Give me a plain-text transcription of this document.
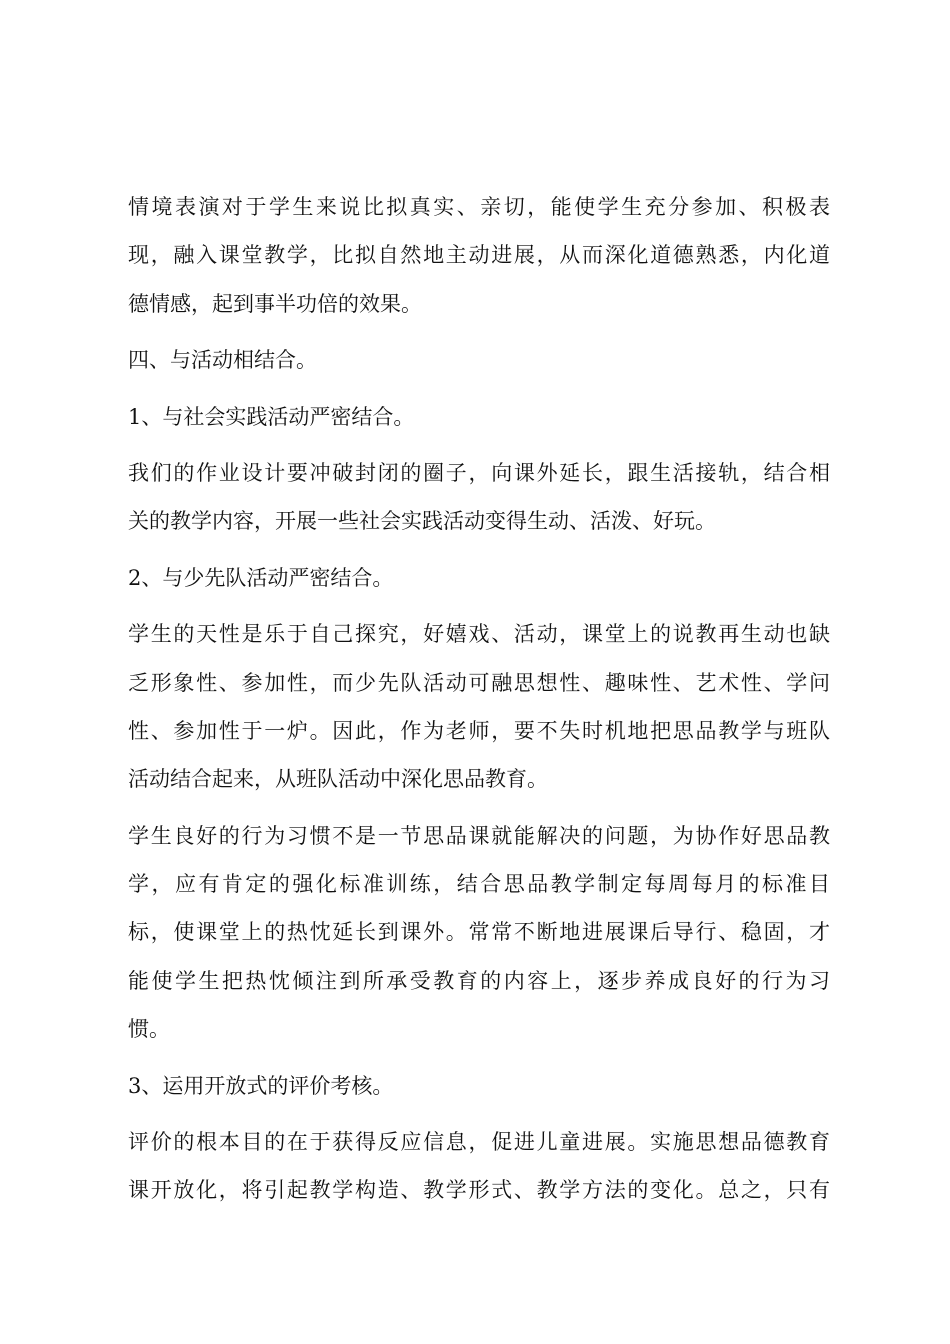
情境表演对于学生来说比拟真实、亲切，能使学生充分参加、积极表
现，融入课堂教学，比拟自然地主动进展，从而深化道德熟悉，内化道
德情感，起到事半功倍的效果。
四、与活动相结合。
1、与社会实践活动严密结合。
我们的作业设计要冲破封闭的圈子，向课外延长，跟生活接轨，结合相
关的教学内容，开展一些社会实践活动变得生动、活泼、好玩。
2、与少先队活动严密结合。
学生的天性是乐于自己探究，好嬉戏、活动，课堂上的说教再生动也缺
乏形象性、参加性，而少先队活动可融思想性、趣味性、艺术性、学问
性、参加性于一炉。因此，作为老师，要不失时机地把思品教学与班队
活动结合起来，从班队活动中深化思品教育。
学生良好的行为习惯不是一节思品课就能解决的问题，为协作好思品教
学，应有肯定的强化标准训练，结合思品教学制定每周每月的标准目
标，使课堂上的热忱延长到课外。常常不断地进展课后导行、稳固，才
能使学生把热忱倾注到所承受教育的内容上，逐步养成良好的行为习
惯。
3、运用开放式的评价考核。
评价的根本目的在于获得反应信息，促进儿童进展。实施思想品德教育
课开放化，将引起教学构造、教学形式、教学方法的变化。总之，只有
